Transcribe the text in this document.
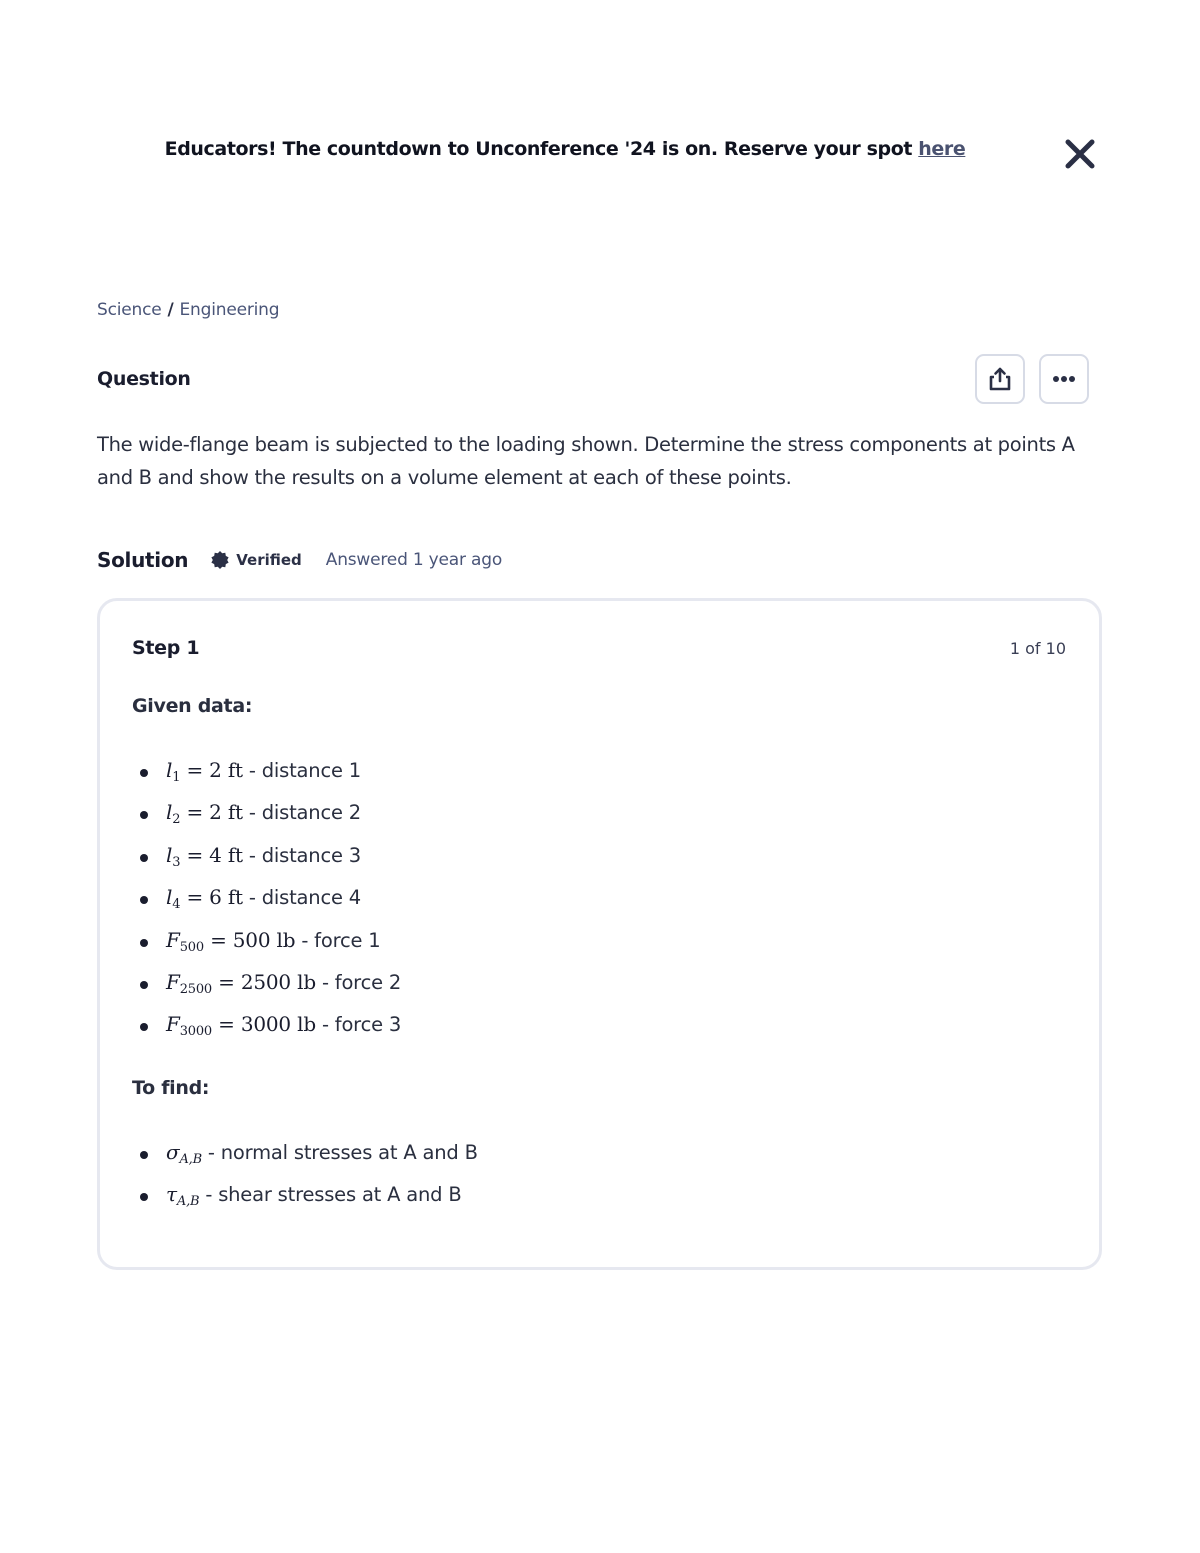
Educators! The countdown to Unconference '24 is on. Reserve your spot here
Science / Engineering
Question
The wide-flange beam is subjected to the loading shown. Determine the stress components at points A and B and show the results on a volume element at each of these points.
Solution	Verified Answered 1 year ago
Step 1	1 of 10
Given data:
$l_1 = 2$ ft - distance 1
$l_2 = 2$ ft - distance 2
$l_3 = 4$ ft - distance 3
$l_4 = 6$ ft - distance 4
$F_{500} = 500$ lb - force 1
$F_{2500} = 2500$ lb - force 2
$F_{3000} = 3000$ lb - force 3
To find:
$\sigma_{A,B}$ - normal stresses at A and B
$\tau_{A,B}$ - shear stresses at A and B
